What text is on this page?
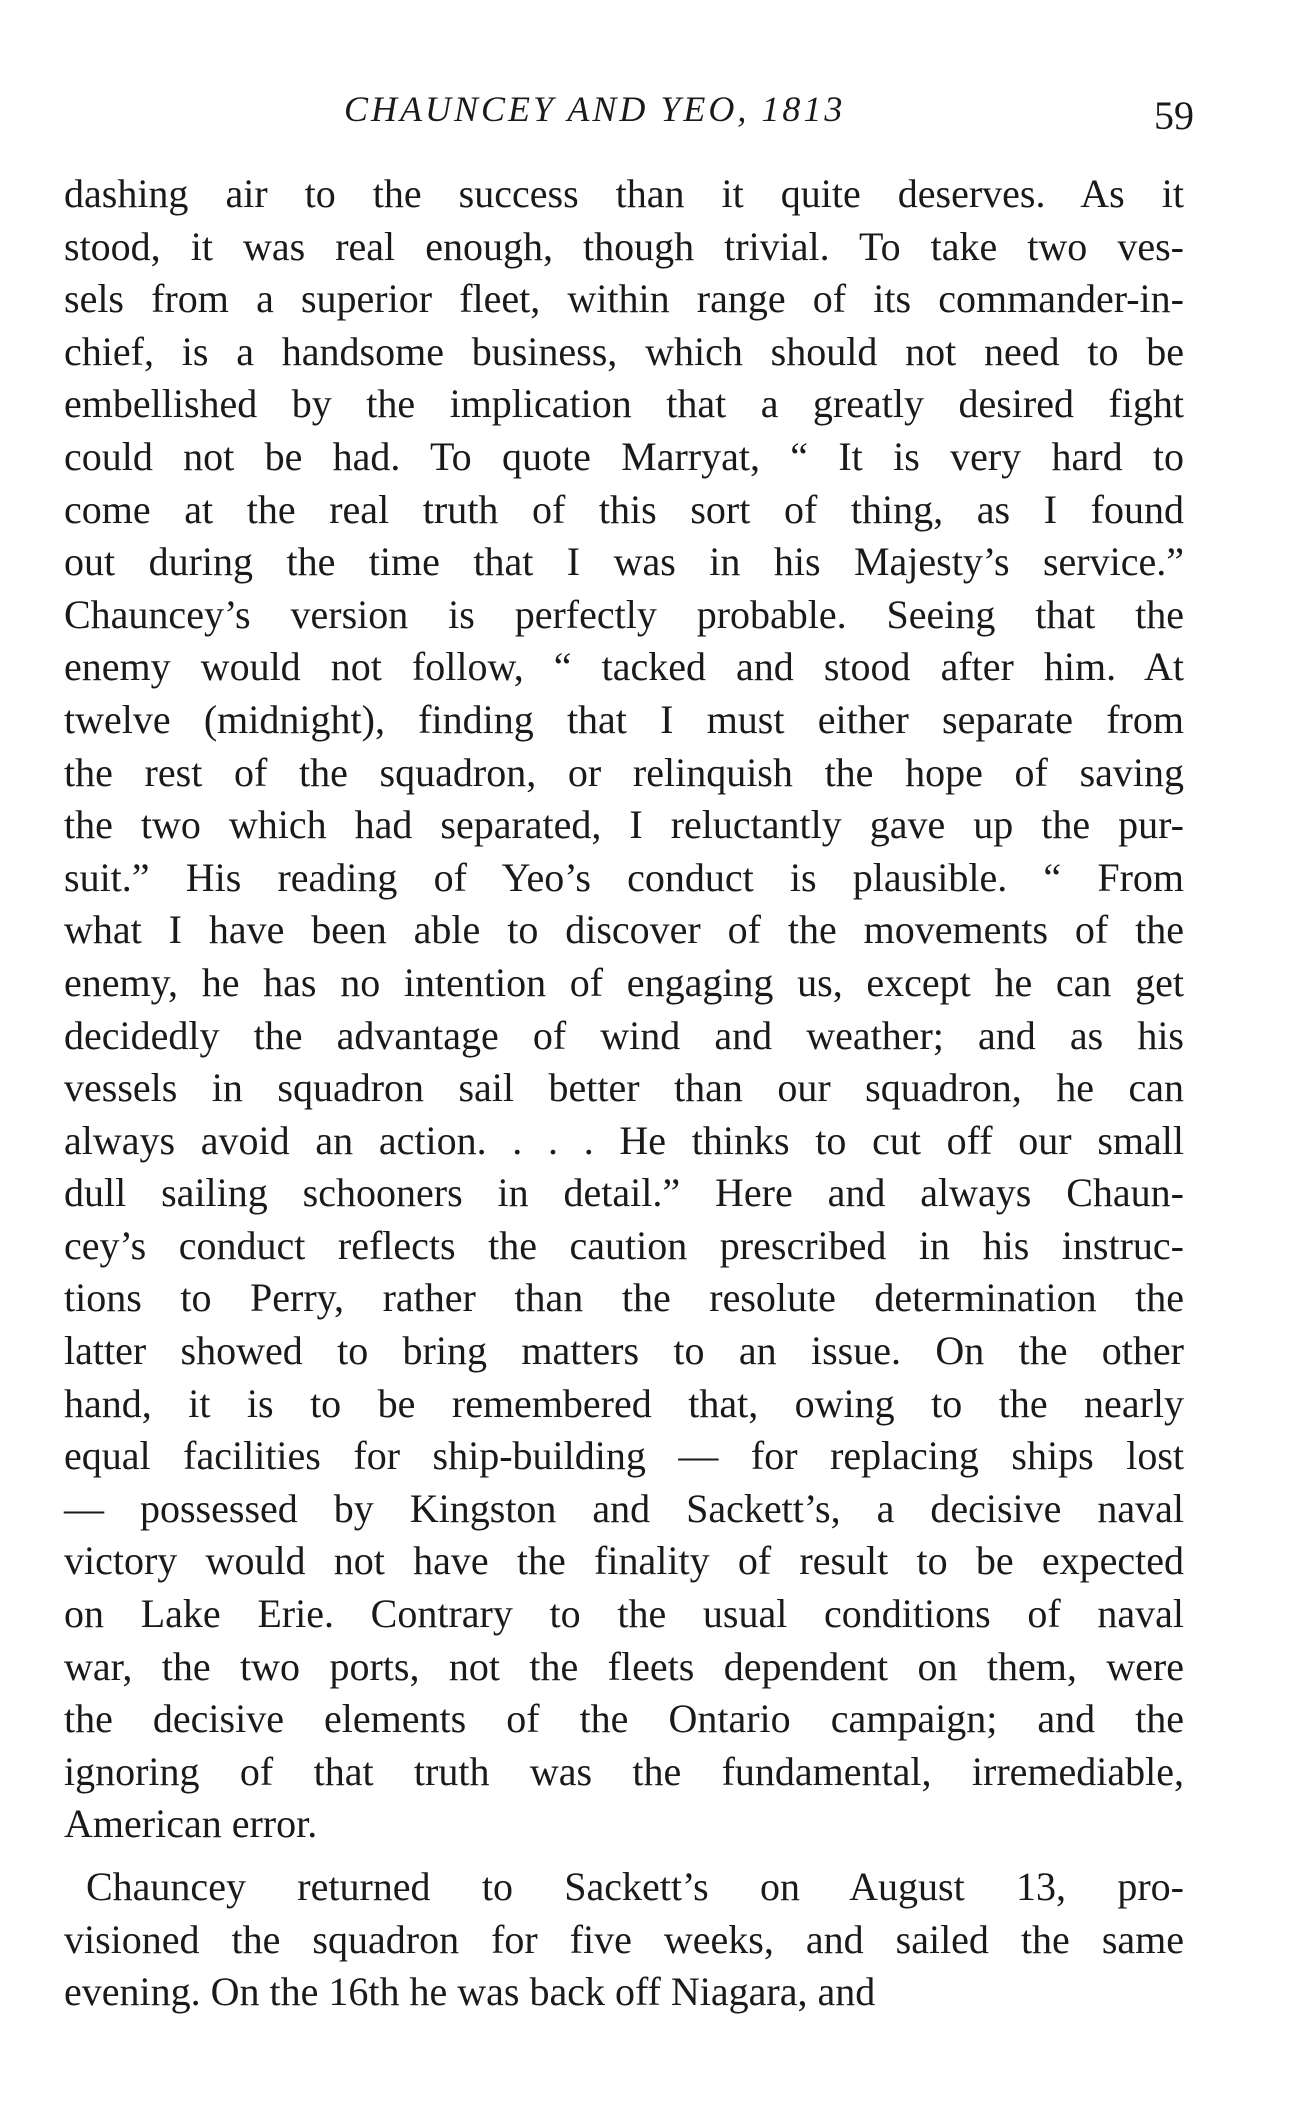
CHAUNCEY AND YEO, 1813	59
dashing air to the success than it quite deserves. As it
stood, it was real enough, though trivial. To take two ves-
sels from a superior fleet, within range of its commander-in-
chief, is a handsome business, which should not need to be
embellished by the implication that a greatly desired fight
could not be had. To quote Marryat, “ It is very hard to
come at the real truth of this sort of thing, as I found
out during the time that I was in his Majesty’s service.”
Chauncey’s version is perfectly probable. Seeing that the
enemy would not follow, “ tacked and stood after him. At
twelve (midnight), finding that I must either separate from
the rest of the squadron, or relinquish the hope of saving
the two which had separated, I reluctantly gave up the pur-
suit.” His reading of Yeo’s conduct is plausible. “ From
what I have been able to discover of the movements of the
enemy, he has no intention of engaging us, except he can get
decidedly the advantage of wind and weather; and as his
vessels in squadron sail better than our squadron, he can
always avoid an action. . . . He thinks to cut off our small
dull sailing schooners in detail.” Here and always Chaun-
cey’s conduct reflects the caution prescribed in his instruc-
tions to Perry, rather than the resolute determination the
latter showed to bring matters to an issue. On the other
hand, it is to be remembered that, owing to the nearly
equal facilities for ship-building — for replacing ships lost
— possessed by Kingston and Sackett’s, a decisive naval
victory would not have the finality of result to be expected
on Lake Erie. Contrary to the usual conditions of naval
war, the two ports, not the fleets dependent on them, were
the decisive elements of the Ontario campaign; and the
ignoring of that truth was the fundamental, irremediable,
American error.
Chauncey returned to Sackett’s on August 13, pro-
visioned the squadron for five weeks, and sailed the same
evening. On the 16th he was back off Niagara, and
